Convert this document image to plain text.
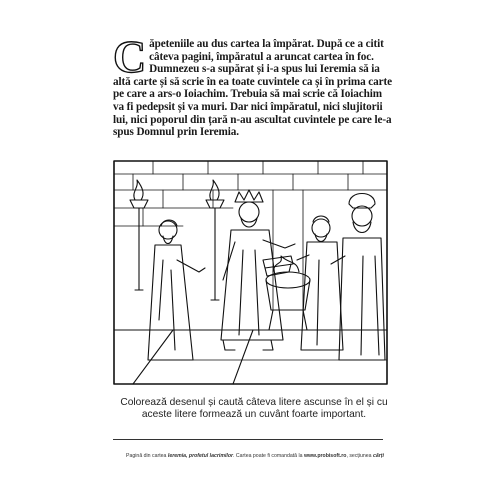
Căpeteniile au dus cartea la împărat. După ce a citit câteva pagini, împăratul a aruncat cartea în foc. Dumnezeu s-a supărat și i-a spus lui Ieremia să ia altă carte și să scrie în ea toate cuvintele ca și în prima carte pe care a ars-o Ioiachim. Trebuia să mai scrie că Ioiachim va fi pedepsit și va muri. Dar nici împăratul, nici slujitorii lui, nici poporul din țară n-au ascultat cuvintele pe care le-a spus Domnul prin Ieremia.
Colorează desenul și caută câteva litere ascunse în el și cu aceste litere formează un cuvânt foarte important.
Pagină din cartea Ieremia, profetul lacrimilor. Cartea poate fi comandată la www.probisoft.ro, secțiunea cărți
